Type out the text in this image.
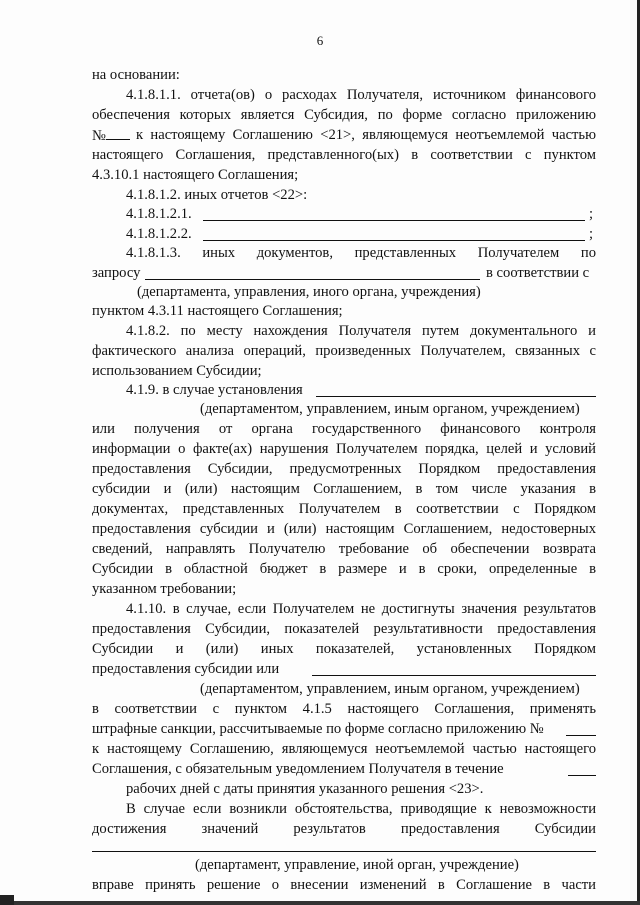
6
на основании:
4.1.8.1.1. отчета(ов) о расходах Получателя, источником финансового
обеспечения которых является Субсидия, по форме согласно приложению
№	к настоящему Соглашению <21>, являющемуся неотъемлемой частью
настоящего Соглашения, представленного(ых) в соответствии с пунктом
4.3.10.1 настоящего Соглашения;
4.1.8.1.2. иных отчетов <22>:
4.1.8.1.2.1.	;
4.1.8.1.2.2.	;
4.1.8.1.3. иных документов, представленных Получателем по
запросу	в соответствии с
(департамента, управления, иного органа, учреждения)
пунктом 4.3.11 настоящего Соглашения;
4.1.8.2. по месту нахождения Получателя путем документального и
фактического анализа операций, произведенных Получателем, связанных с
использованием Субсидии;
4.1.9. в случае установления
(департаментом, управлением, иным органом, учреждением)
или получения от органа государственного финансового контроля
информации о факте(ах) нарушения Получателем порядка, целей и условий
предоставления Субсидии, предусмотренных Порядком предоставления
субсидии и (или) настоящим Соглашением, в том числе указания в
документах, представленных Получателем в соответствии с Порядком
предоставления субсидии и (или) настоящим Соглашением, недостоверных
сведений, направлять Получателю требование об обеспечении возврата
Субсидии в областной бюджет в размере и в сроки, определенные в
указанном требовании;
4.1.10. в случае, если Получателем не достигнуты значения результатов
предоставления Субсидии, показателей результативности предоставления
Субсидии и (или) иных показателей, установленных Порядком
предоставления субсидии или
(департаментом, управлением, иным органом, учреждением)
в соответствии с пунктом 4.1.5 настоящего Соглашения, применять
штрафные санкции, рассчитываемые по форме согласно приложению №
к настоящему Соглашению, являющемуся неотъемлемой частью настоящего
Соглашения, с обязательным уведомлением Получателя в течение
рабочих дней с даты принятия указанного решения <23>.
В случае если возникли обстоятельства, приводящие к невозможности
достижения значений результатов предоставления Субсидии
(департамент, управление, иной орган, учреждение)
вправе принять решение о внесении изменений в Соглашение в части
